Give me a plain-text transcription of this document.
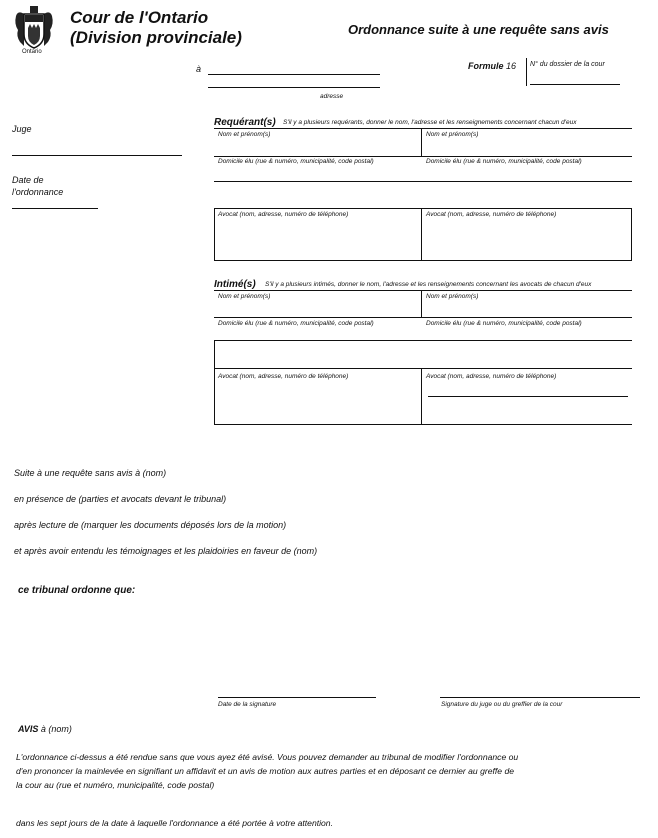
Ontario
Cour de l'Ontario
(Division provinciale)	Ordonnance suite à une requête sans avis
à
adresse
Formule 16 N° du dossier de la cour
Juge
Date de
l'ordonnance
Requérant(s) S'il y a plusieurs requérants, donner le nom, l'adresse et les renseignements concernant chacun d'eux
Nom et prénom(s)	Nom et prénom(s)
Domicile élu (rue & numéro, municipalité, code postal)	Domicile élu (rue & numéro, municipalité, code postal)
Avocat (nom, adresse, numéro de téléphone)	Avocat (nom, adresse, numéro de téléphone)
Intimé(s) S'il y a plusieurs intimés, donner le nom, l'adresse et les renseignements concernant les avocats de chacun d'eux
Nom et prénom(s)	Nom et prénom(s)
Domicile élu (rue & numéro, municipalité, code postal)	Domicile élu (rue & numéro, municipalité, code postal)
Avocat (nom, adresse, numéro de téléphone)	Avocat (nom, adresse, numéro de téléphone)
Suite à une requête sans avis à (nom)
en présence de (parties et avocats devant le tribunal)
après lecture de (marquer les documents déposés lors de la motion)
et après avoir entendu les témoignages et les plaidoiries en faveur de (nom)
ce tribunal ordonne que:
Date de la signature	Signature du juge ou du greffier de la cour
AVIS à (nom)
L'ordonnance ci-dessus a été rendue sans que vous ayez été avisé. Vous pouvez demander au tribunal de modifier l'ordonnance ou
d'en prononcer la mainlevée en signifiant un affidavit et un avis de motion aux autres parties et en déposant ce dernier au greffe de
la cour au (rue et numéro, municipalité, code postal)
dans les sept jours de la date à laquelle l'ordonnance a été portée à votre attention.
